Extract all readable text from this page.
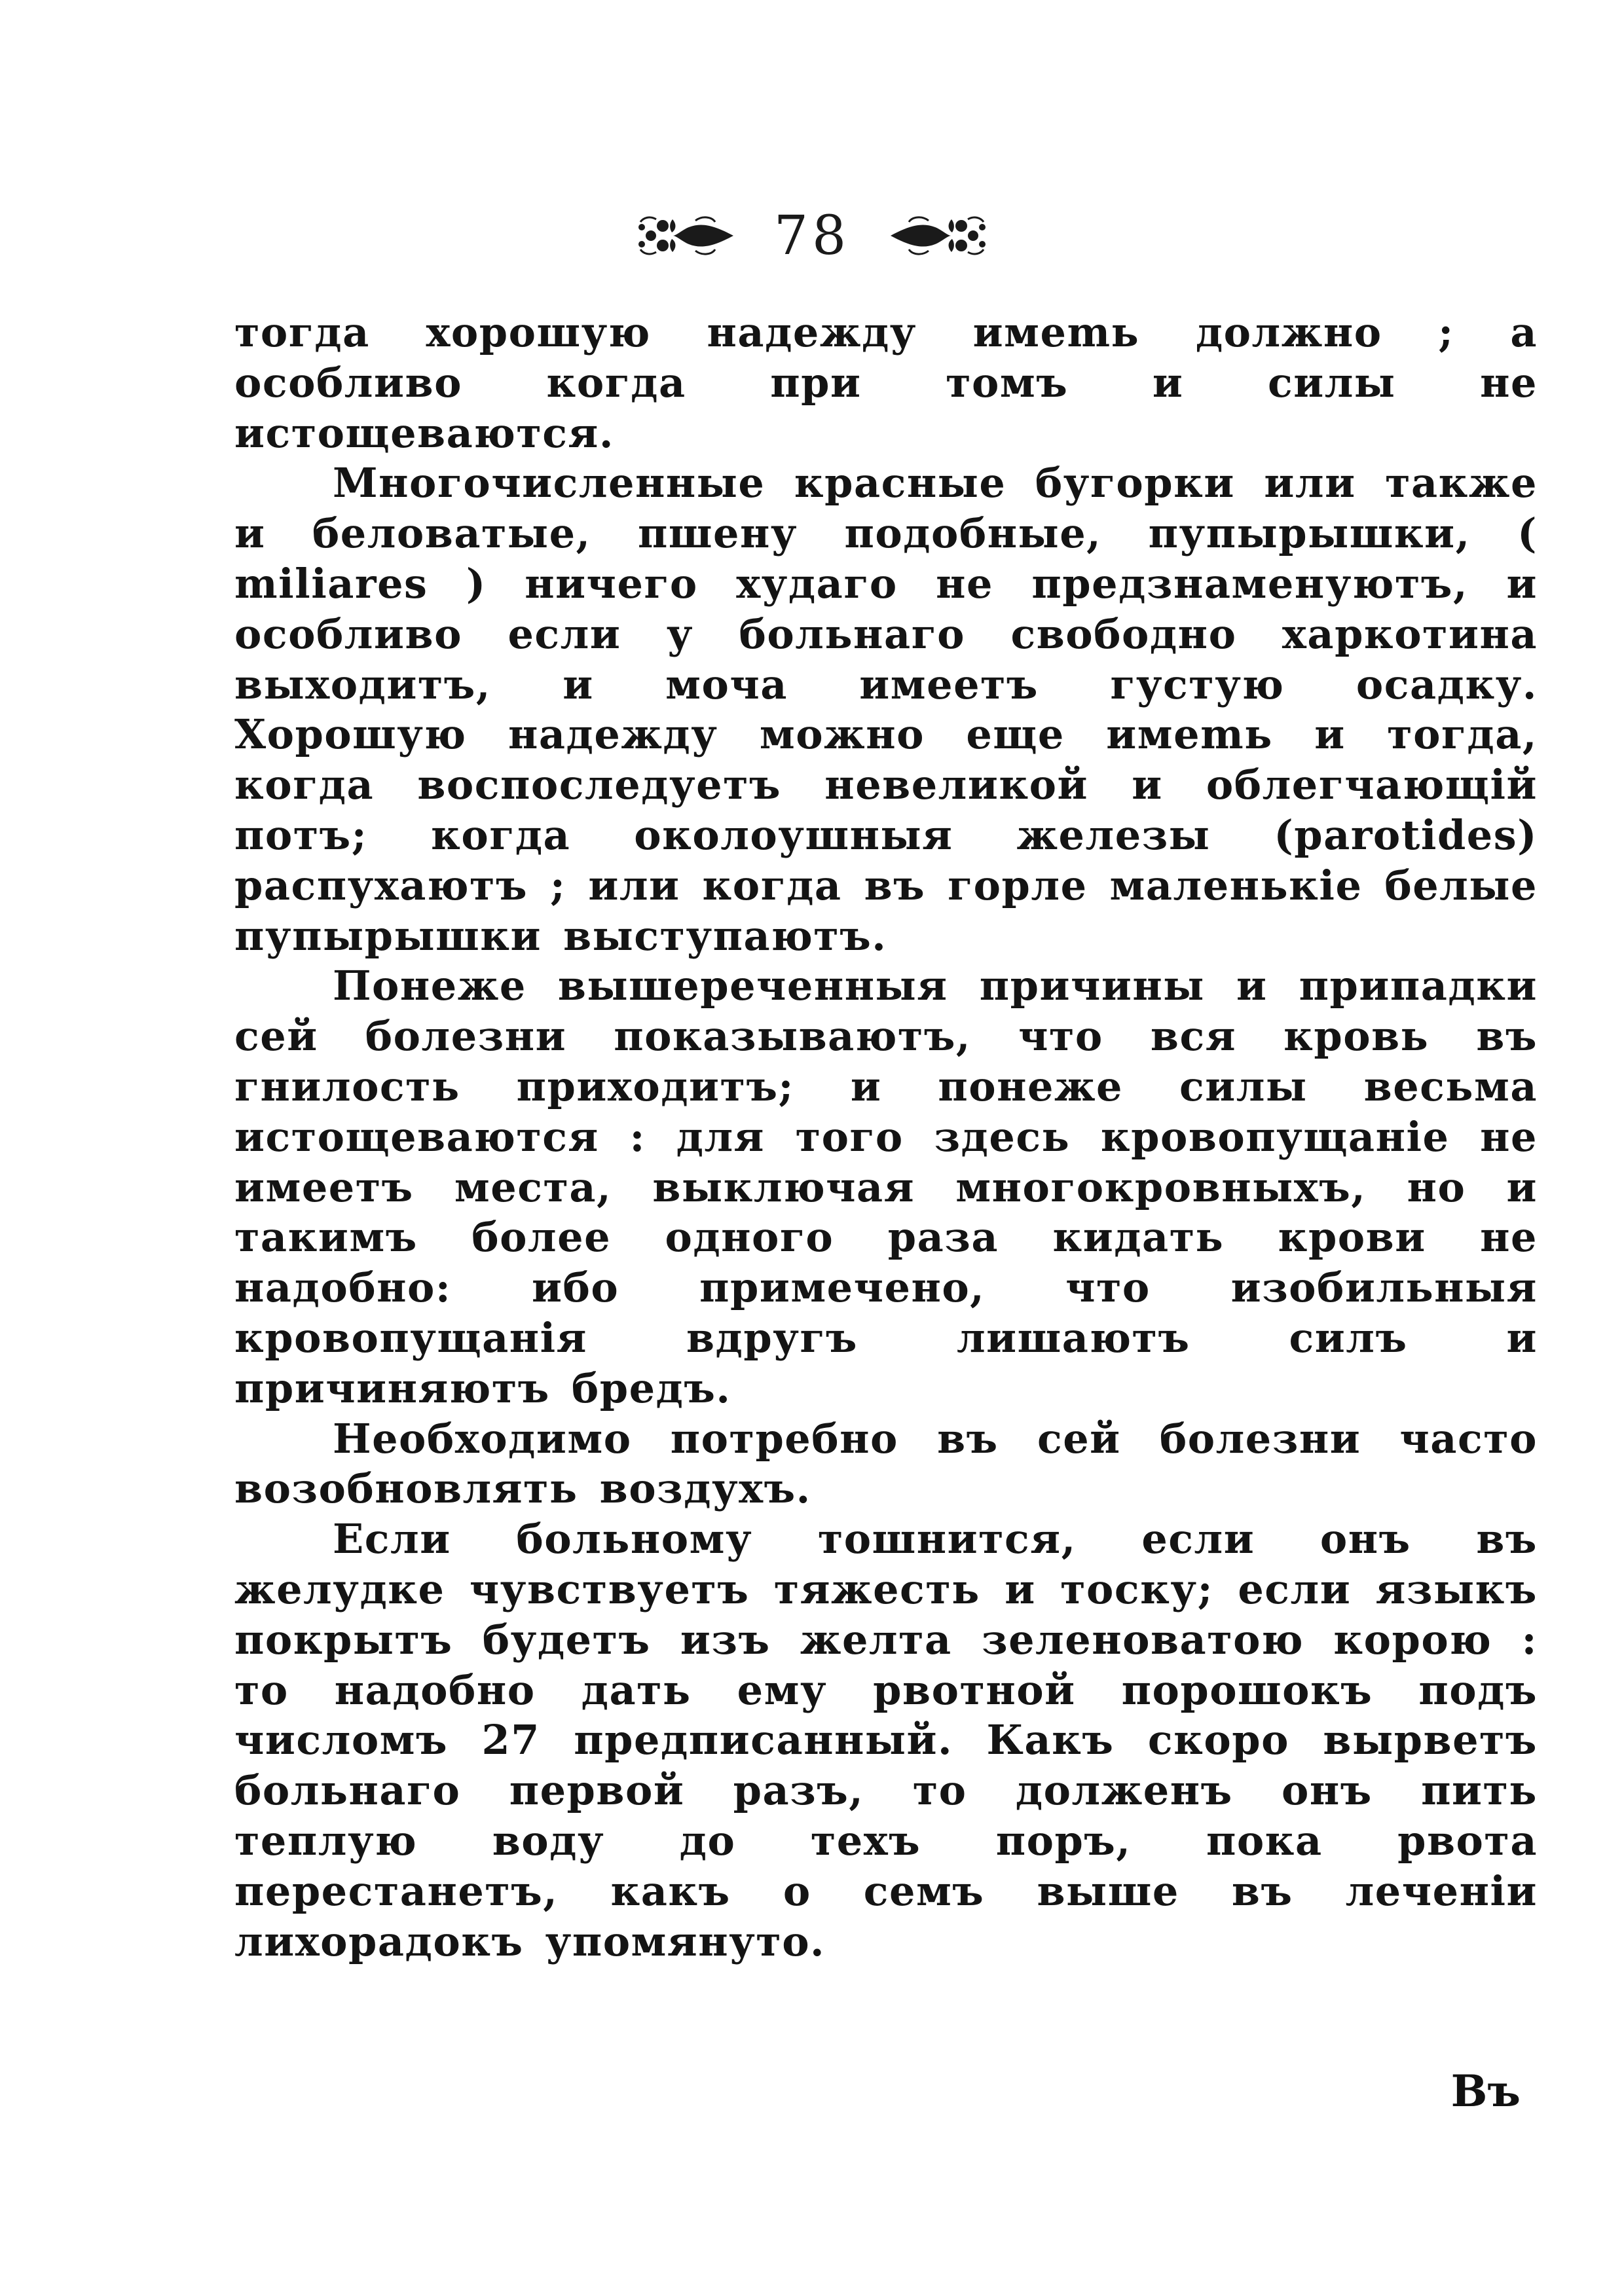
78

тогда хорошую надежду имеmь должно ; а особливо когда при томъ и силы не истощеваются.

Многочисленные красные бугорки или также и беловатые, пшену подобные, пупырышки, ( miliares ) ничего худаго не предзнаменуютъ, и особливо если у больнаго свободно харкотина выходитъ, и моча имеетъ густую осадку. Хорошую надежду можно еще имеmь и тогда, когда воспоследуетъ невеликой и облегчающій потъ; когда околоушныя железы (parotides) распухаютъ ; или когда въ горле маленькіе белые пупырышки выступаютъ.

Понеже вышереченныя причины и припадки сей болезни показываютъ, что вся кровь въ гнилость приходитъ; и понеже силы весьма истощеваются : для того здесь кровопущаніе не имеетъ места, выключая многокровныхъ, но и такимъ более одного раза кидать крови не надобно: ибо примечено, что изобильныя кровопущанія вдругъ лишаютъ силъ и причиняютъ бредъ.

Необходимо потребно въ сей болезни часто возобновлять воздухъ.

Если больному тошнится, если онъ въ желудке чувствуетъ тяжесть и тоску; если языкъ покрытъ будетъ изъ желта зеленоватою корою : то надобно дать ему рвотной порошокъ подъ числомъ 27 предписанный. Какъ скоро вырветъ больнаго первой разъ, то долженъ онъ пить теплую воду до техъ поръ, пока рвота перестанетъ, какъ о семъ выше въ леченіи лихорадокъ упомянуто.

Въ
